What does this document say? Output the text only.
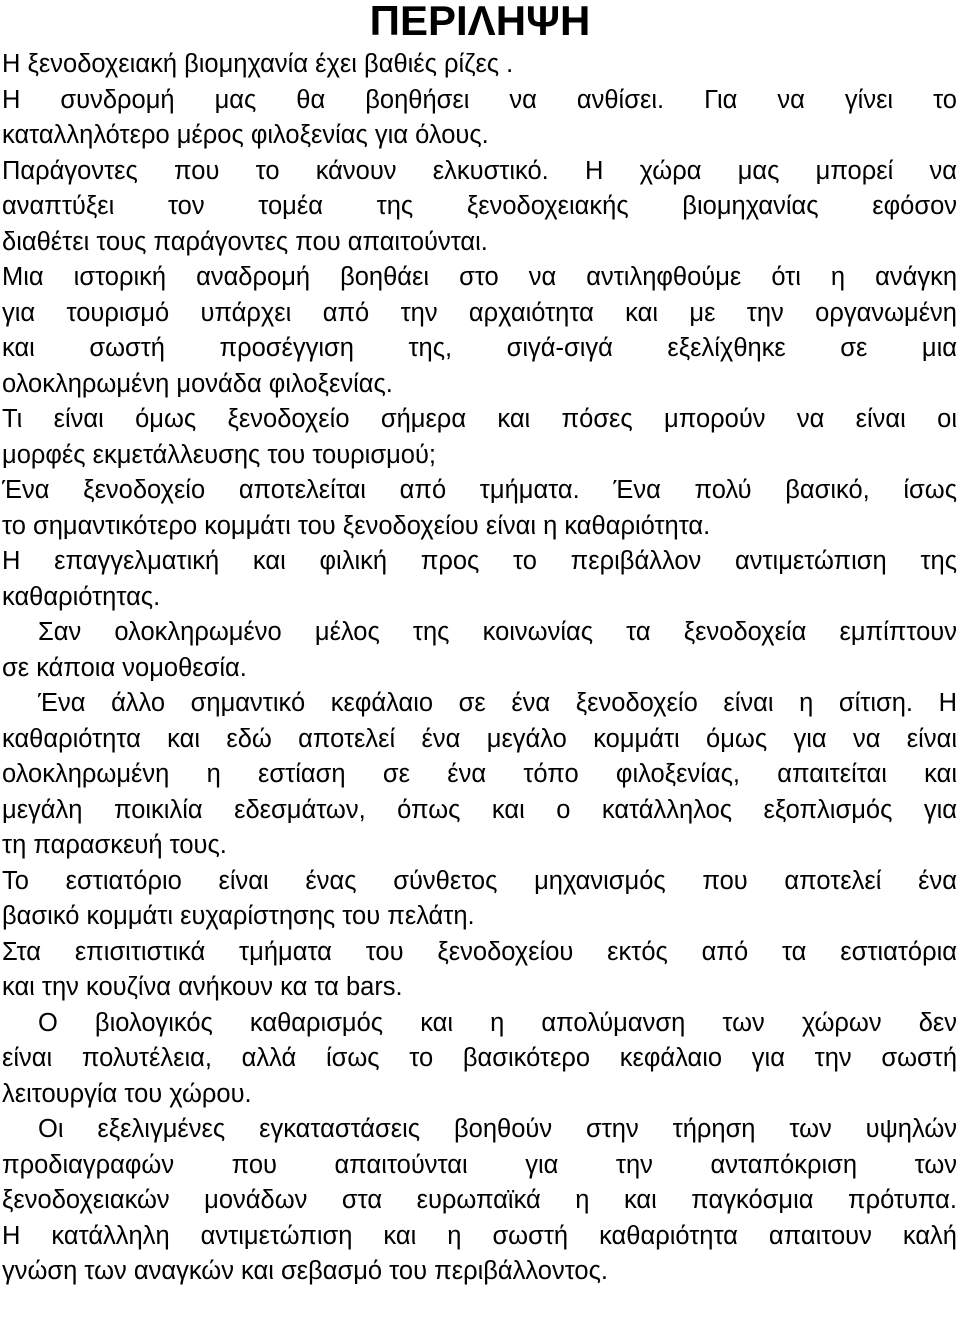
ΠΕΡΙΛΗΨΗ

Η ξενοδοχειακή βιομηχανία έχει βαθιές ρίζες .

Η συνδρομή μας θα βοηθήσει να ανθίσει. Για να γίνει το

καταλληλότερο μέρος φιλοξενίας για όλους.

Παράγοντες που το κάνουν ελκυστικό. Η χώρα μας μπορεί να

αναπτύξει τον τομέα της ξενοδοχειακής βιομηχανίας εφόσον

διαθέτει τους παράγοντες που απαιτούνται.

Μια ιστορική αναδρομή βοηθάει στο να αντιληφθούμε ότι η ανάγκη

για τουρισμό υπάρχει από την αρχαιότητα και με την οργανωμένη

και σωστή προσέγγιση της, σιγά-σιγά εξελίχθηκε σε μια

ολοκληρωμένη μονάδα φιλοξενίας.

Τι είναι όμως ξενοδοχείο σήμερα και πόσες μπορούν να είναι οι

μορφές εκμετάλλευσης του τουρισμού;

Ένα ξενοδοχείο αποτελείται από τμήματα. Ένα πολύ βασικό, ίσως

το σημαντικότερο κομμάτι του ξενοδοχείου είναι η καθαριότητα.

Η επαγγελματική και φιλική προς το περιβάλλον αντιμετώπιση της

καθαριότητας.

Σαν ολοκληρωμένο μέλος της κοινωνίας τα ξενοδοχεία εμπίπτουν

σε κάποια νομοθεσία.

Ένα άλλο σημαντικό κεφάλαιο σε ένα ξενοδοχείο είναι η σίτιση. Η

καθαριότητα και εδώ αποτελεί ένα μεγάλο κομμάτι όμως για να είναι

ολοκληρωμένη η εστίαση σε ένα τόπο φιλοξενίας, απαιτείται και

μεγάλη ποικιλία εδεσμάτων, όπως και ο κατάλληλος εξοπλισμός για

τη παρασκευή τους.

Το εστιατόριο είναι ένας σύνθετος μηχανισμός που αποτελεί ένα

βασικό κομμάτι ευχαρίστησης του πελάτη.

Στα επισιτιστικά τμήματα του ξενοδοχείου εκτός από τα εστιατόρια

και την κουζίνα ανήκουν κα τα bars.

Ο βιολογικός καθαρισμός και η απολύμανση των χώρων δεν

είναι πολυτέλεια, αλλά ίσως το βασικότερο κεφάλαιο για την σωστή

λειτουργία του χώρου.

Οι εξελιγμένες εγκαταστάσεις βοηθούν στην τήρηση των υψηλών

προδιαγραφών που απαιτούνται για την ανταπόκριση των

ξενοδοχειακών μονάδων στα ευρωπαϊκά η και παγκόσμια πρότυπα.

Η κατάλληλη αντιμετώπιση και η σωστή καθαριότητα απαιτουν καλή

γνώση των αναγκών και σεβασμό του περιβάλλοντος.
